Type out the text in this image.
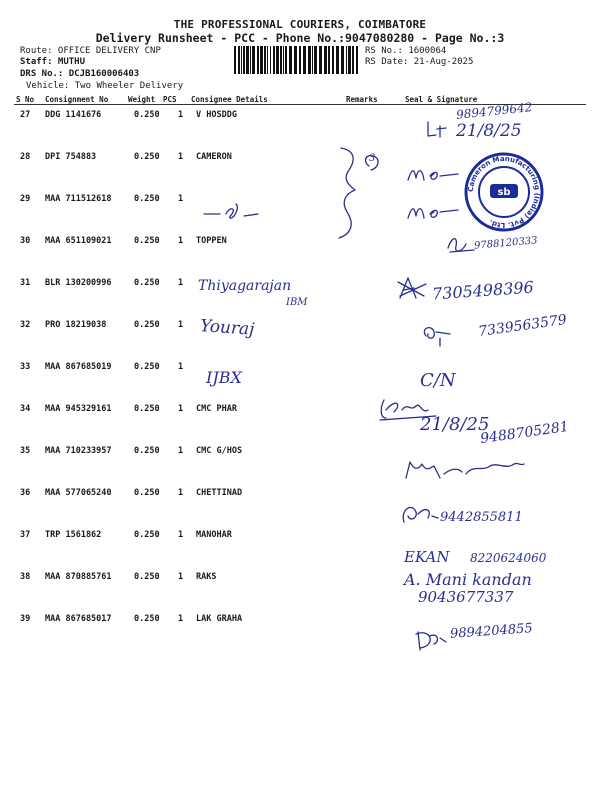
THE PROFESSIONAL COURIERS, COIMBATORE
Delivery Runsheet - PCC - Phone No.:9047080280 - Page No.:3
Route: OFFICE DELIVERY CNP
Staff: MUTHU
DRS No.: DCJB160006403
Vehicle: Two Wheeler Delivery
RS No.: 1600064
RS Date: 21-Aug-2025
S No Consignment No	Weight PCS Consignee Details	Remarks	Seal & Signature
27 DDG 1141676	0.250 1 V HOSDDG
28 DPI 754883	0.250 1 CAMERON
29 MAA 711512618	0.250 1
30 MAA 651109021	0.250 1 TOPPEN
31 BLR 130200996	0.250 1
32 PRO 18219038	0.250 1
33 MAA 867685019	0.250 1
34 MAA 945329161	0.250 1 CMC PHAR
35 MAA 710233957	0.250 1 CMC G/HOS
36 MAA 577065240	0.250 1 CHETTINAD
37 TRP 1561862	0.250 1 MANOHAR
38 MAA 870885761	0.250 1 RAKS
39 MAA 867685017	0.250 1 LAK GRAHA
9894799642
21/8/25
3
Cameron Manufacturing (India) Pvt. Ltd.
sb
9788120333
Thiyagarajan
IBM	7305498396
Youraj	7339563579
IJBX	C/N
21/8/25
9488705281
9442855811
EKAN 8220624060
A. Mani kandan
9043677337
9894204855
